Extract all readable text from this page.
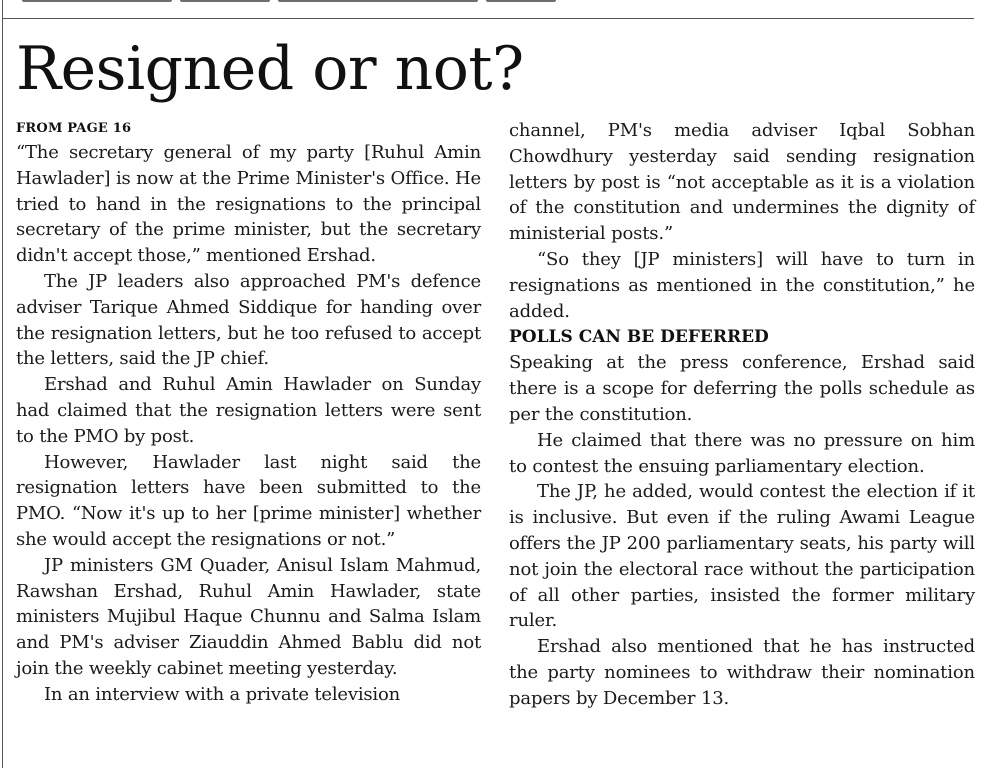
Resigned or not?

FROM PAGE 16

“The secretary general of my party [Ruhul Amin Hawlader] is now at the Prime Minister's Office. He tried to hand in the resignations to the principal secretary of the prime minister, but the secretary didn't accept those,” mentioned Ershad.

The JP leaders also approached PM's defence adviser Tarique Ahmed Siddique for handing over the resignation letters, but he too refused to accept the letters, said the JP chief.

Ershad and Ruhul Amin Hawlader on Sunday had claimed that the resignation letters were sent to the PMO by post.

However, Hawlader last night said the resignation letters have been submitted to the PMO. “Now it's up to her [prime minister] whether she would accept the resignations or not.”

JP ministers GM Quader, Anisul Islam Mahmud, Rawshan Ershad, Ruhul Amin Hawlader, state ministers Mujibul Haque Chunnu and Salma Islam and PM's adviser Ziauddin Ahmed Bablu did not join the weekly cabinet meeting yesterday.

In an interview with a private television

channel, PM's media adviser Iqbal Sobhan Chowdhury yesterday said sending resignation letters by post is “not acceptable as it is a violation of the constitution and undermines the dignity of ministerial posts.”

“So they [JP ministers] will have to turn in resignations as mentioned in the constitution,” he added.

POLLS CAN BE DEFERRED

Speaking at the press conference, Ershad said there is a scope for deferring the polls schedule as per the constitution.

He claimed that there was no pressure on him to contest the ensuing parliamentary election.

The JP, he added, would contest the election if it is inclusive. But even if the ruling Awami League offers the JP 200 parliamentary seats, his party will not join the electoral race without the participation of all other parties, insisted the former military ruler.

Ershad also mentioned that he has instructed the party nominees to withdraw their nomination papers by December 13.
